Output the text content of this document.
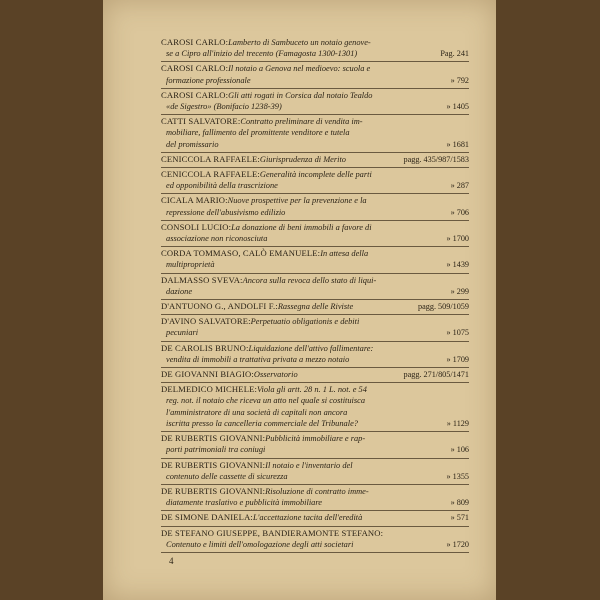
CAROSI CARLO: Lamberto di Sambuceto un notaio genove-
se a Cipro all'inizio del trecento (Famagosta 1300-1301)	Pag. 241
CAROSI CARLO: Il notaio a Genova nel medioevo: scuola e
formazione professionale	» 792
CAROSI CARLO: Gli atti rogati in Corsica dal notaio Tealdo
«de Sigestro» (Bonifacio 1238-39)	» 1405
CATTI SALVATORE: Contratto preliminare di vendita im-
mobiliare, fallimento del promittente venditore e tutela
del promissario	» 1681
CENICCOLA RAFFAELE: Giurisprudenza di Merito	pagg. 435/987/1583
CENICCOLA RAFFAELE: Generalità incomplete delle parti
ed opponibilità della trascrizione	» 287
CICALA MARIO: Nuove prospettive per la prevenzione e la
repressione dell'abusivismo edilizio	» 706
CONSOLI LUCIO: La donazione di beni immobili a favore di
associazione non riconosciuta	» 1700
CORDA TOMMASO, CALÒ EMANUELE: In attesa della
multiproprietà	» 1439
DALMASSO SVEVA: Ancora sulla revoca dello stato di liqui-
dazione	» 299
D'ANTUONO G., ANDOLFI F.: Rassegna delle Riviste	pagg. 509/1059
D'AVINO SALVATORE: Perpetuatio obligationis e debiti
pecuniari	» 1075
DE CAROLIS BRUNO: Liquidazione dell'attivo fallimentare:
vendita di immobili a trattativa privata a mezzo notaio	» 1709
DE GIOVANNI BIAGIO: Osservatorio	pagg. 271/805/1471
DELMEDICO MICHELE: Viola gli artt. 28 n. 1 L. not. e 54
reg. not. il notaio che riceva un atto nel quale si costituisca
l'amministratore di una società di capitali non ancora
iscritta presso la cancelleria commerciale del Tribunale?	» 1129
DE RUBERTIS GIOVANNI: Pubblicità immobiliare e rap-
porti patrimoniali tra coniugi	» 106
DE RUBERTIS GIOVANNI: Il notaio e l'inventario del
contenuto delle cassette di sicurezza	» 1355
DE RUBERTIS GIOVANNI: Risoluzione di contratto imme-
diatamente traslativo e pubblicità immobiliare	» 809
DE SIMONE DANIELA: L'accettazione tacita dell'eredità	» 571
DE STEFANO GIUSEPPE, BANDIERAMONTE STEFANO:
Contenuto e limiti dell'omologazione degli atti societari	» 1720
4
